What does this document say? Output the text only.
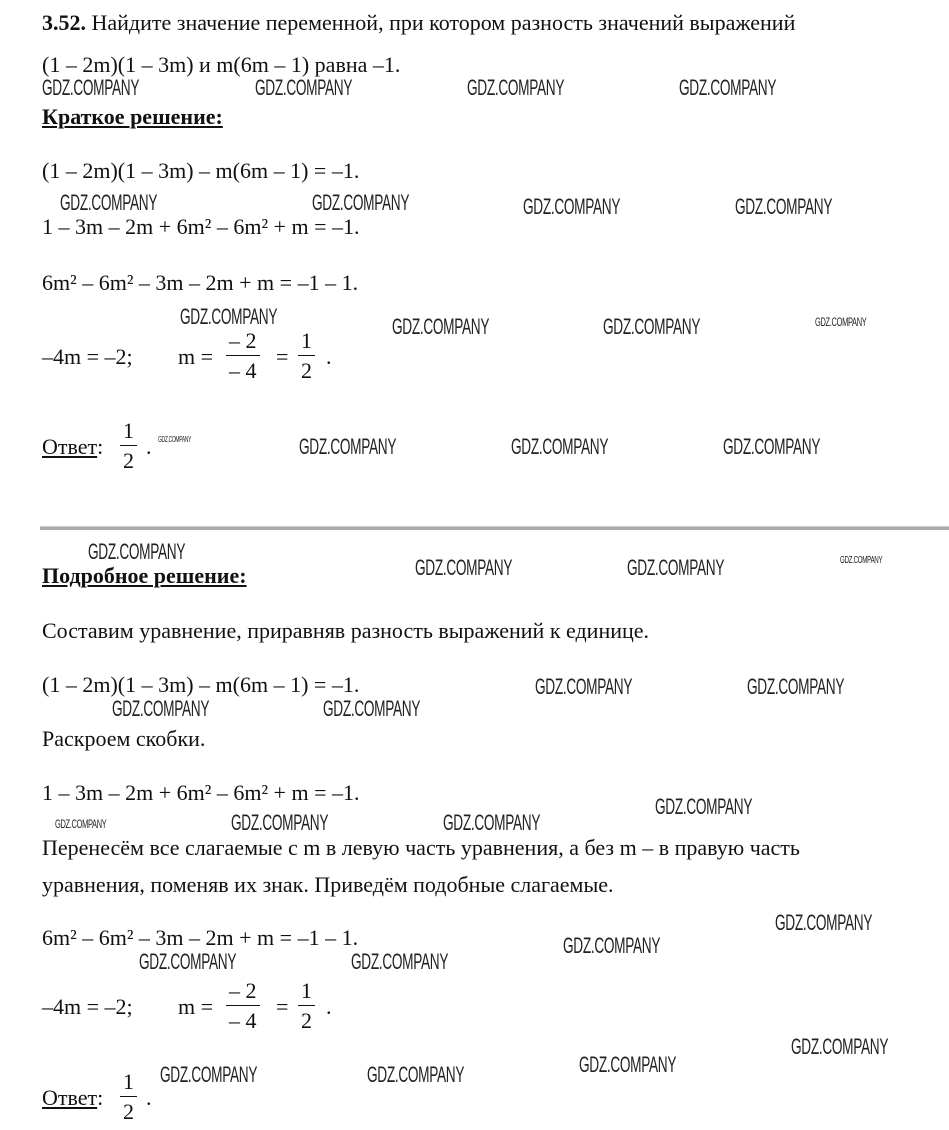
3.52. Найдите значение переменной, при котором разность значений выражений
(1 – 2m)(1 – 3m) и m(6m – 1) равна –1.
Краткое решение:
(1 – 2m)(1 – 3m) – m(6m – 1) = –1.
1 – 3m – 2m + 6m² – 6m² + m = –1.
6m² – 6m² – 3m – 2m + m = –1 – 1.
–4m = –2; $m = \frac{- 2}{- 4} = \frac{1}{2}$ .
Ответ: $\frac{1}{2}$ .
Подробное решение:
Составим уравнение, приравняв разность выражений к единице.
(1 – 2m)(1 – 3m) – m(6m – 1) = –1.
Раскроем скобки.
1 – 3m – 2m + 6m² – 6m² + m = –1.
Перенесём все слагаемые с m в левую часть уравнения, а без m – в правую часть
уравнения, поменяв их знак. Приведём подобные слагаемые.
6m² – 6m² – 3m – 2m + m = –1 – 1.
–4m = –2; $m = \frac{- 2}{- 4} = \frac{1}{2}$ .
Ответ: $\frac{1}{2}$ .
GDZ.COMPANY	GDZ.COMPANY	GDZ.COMPANY	GDZ.COMPANY
GDZ.COMPANY	GDZ.COMPANY	GDZ.COMPANY	GDZ.COMPANY
GDZ.COMPANY	GDZ.COMPANY	GDZ.COMPANY	GDZ.COMPANY
GDZ.COMPANY	GDZ.COMPANY	GDZ.COMPANY	GDZ.COMPANY
GDZ.COMPANY
GDZ.COMPANY	GDZ.COMPANY	GDZ.COMPANY
GDZ.COMPANY	GDZ.COMPANY
GDZ.COMPANY	GDZ.COMPANY
GDZ.COMPANY
GDZ.COMPANY	GDZ.COMPANY	GDZ.COMPANY
GDZ.COMPANY
GDZ.COMPANY
GDZ.COMPANY	GDZ.COMPANY
GDZ.COMPANY
GDZ.COMPANY
GDZ.COMPANY	GDZ.COMPANY
